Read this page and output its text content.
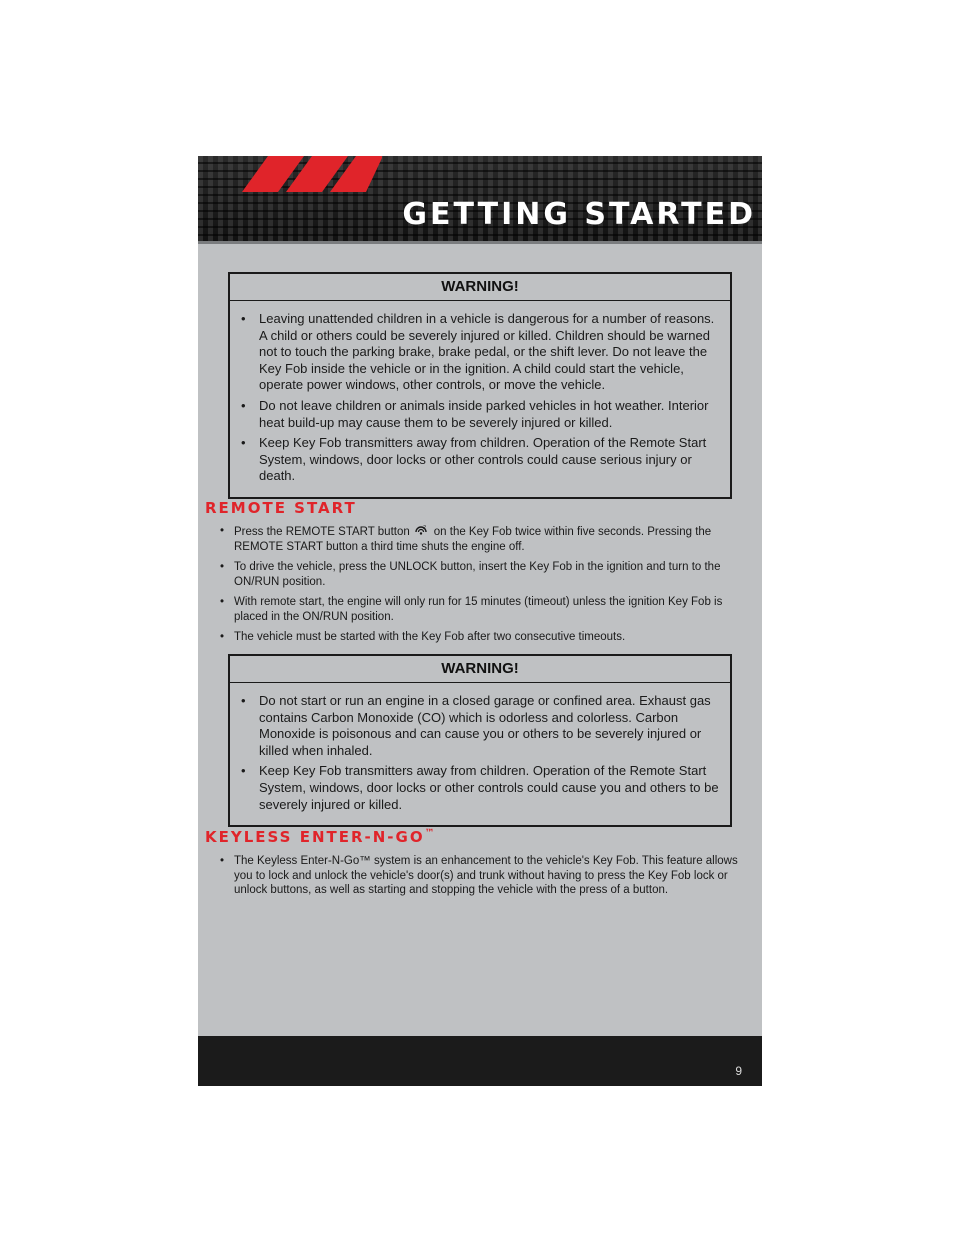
GETTING STARTED
WARNING!
• Leaving unattended children in a vehicle is dangerous for a number of reasons. A child or others could be severely injured or killed. Children should be warned not to touch the parking brake, brake pedal, or the shift lever. Do not leave the Key Fob inside the vehicle or in the ignition. A child could start the vehicle, operate power windows, other controls, or move the vehicle.
• Do not leave children or animals inside parked vehicles in hot weather. Interior heat build-up may cause them to be severely injured or killed.
• Keep Key Fob transmitters away from children. Operation of the Remote Start System, windows, door locks or other controls could cause serious injury or death.
REMOTE START
• Press the REMOTE START button	2 on the Key Fob twice within five seconds. Pressing the REMOTE START button a third time shuts the engine off.
• To drive the vehicle, press the UNLOCK button, insert the Key Fob in the ignition and turn to the ON/RUN position.
• With remote start, the engine will only run for 15 minutes (timeout) unless the ignition Key Fob is placed in the ON/RUN position.
• The vehicle must be started with the Key Fob after two consecutive timeouts.
WARNING!
• Do not start or run an engine in a closed garage or confined area. Exhaust gas contains Carbon Monoxide (CO) which is odorless and colorless. Carbon Monoxide is poisonous and can cause you or others to be severely injured or killed when inhaled.
• Keep Key Fob transmitters away from children. Operation of the Remote Start System, windows, door locks or other controls could cause you and others to be severely injured or killed.
KEYLESS ENTER-N-GO™
• The Keyless Enter-N-Go™ system is an enhancement to the vehicle's Key Fob. This feature allows you to lock and unlock the vehicle's door(s) and trunk without having to press the Key Fob lock or unlock buttons, as well as starting and stopping the vehicle with the press of a button.
9
